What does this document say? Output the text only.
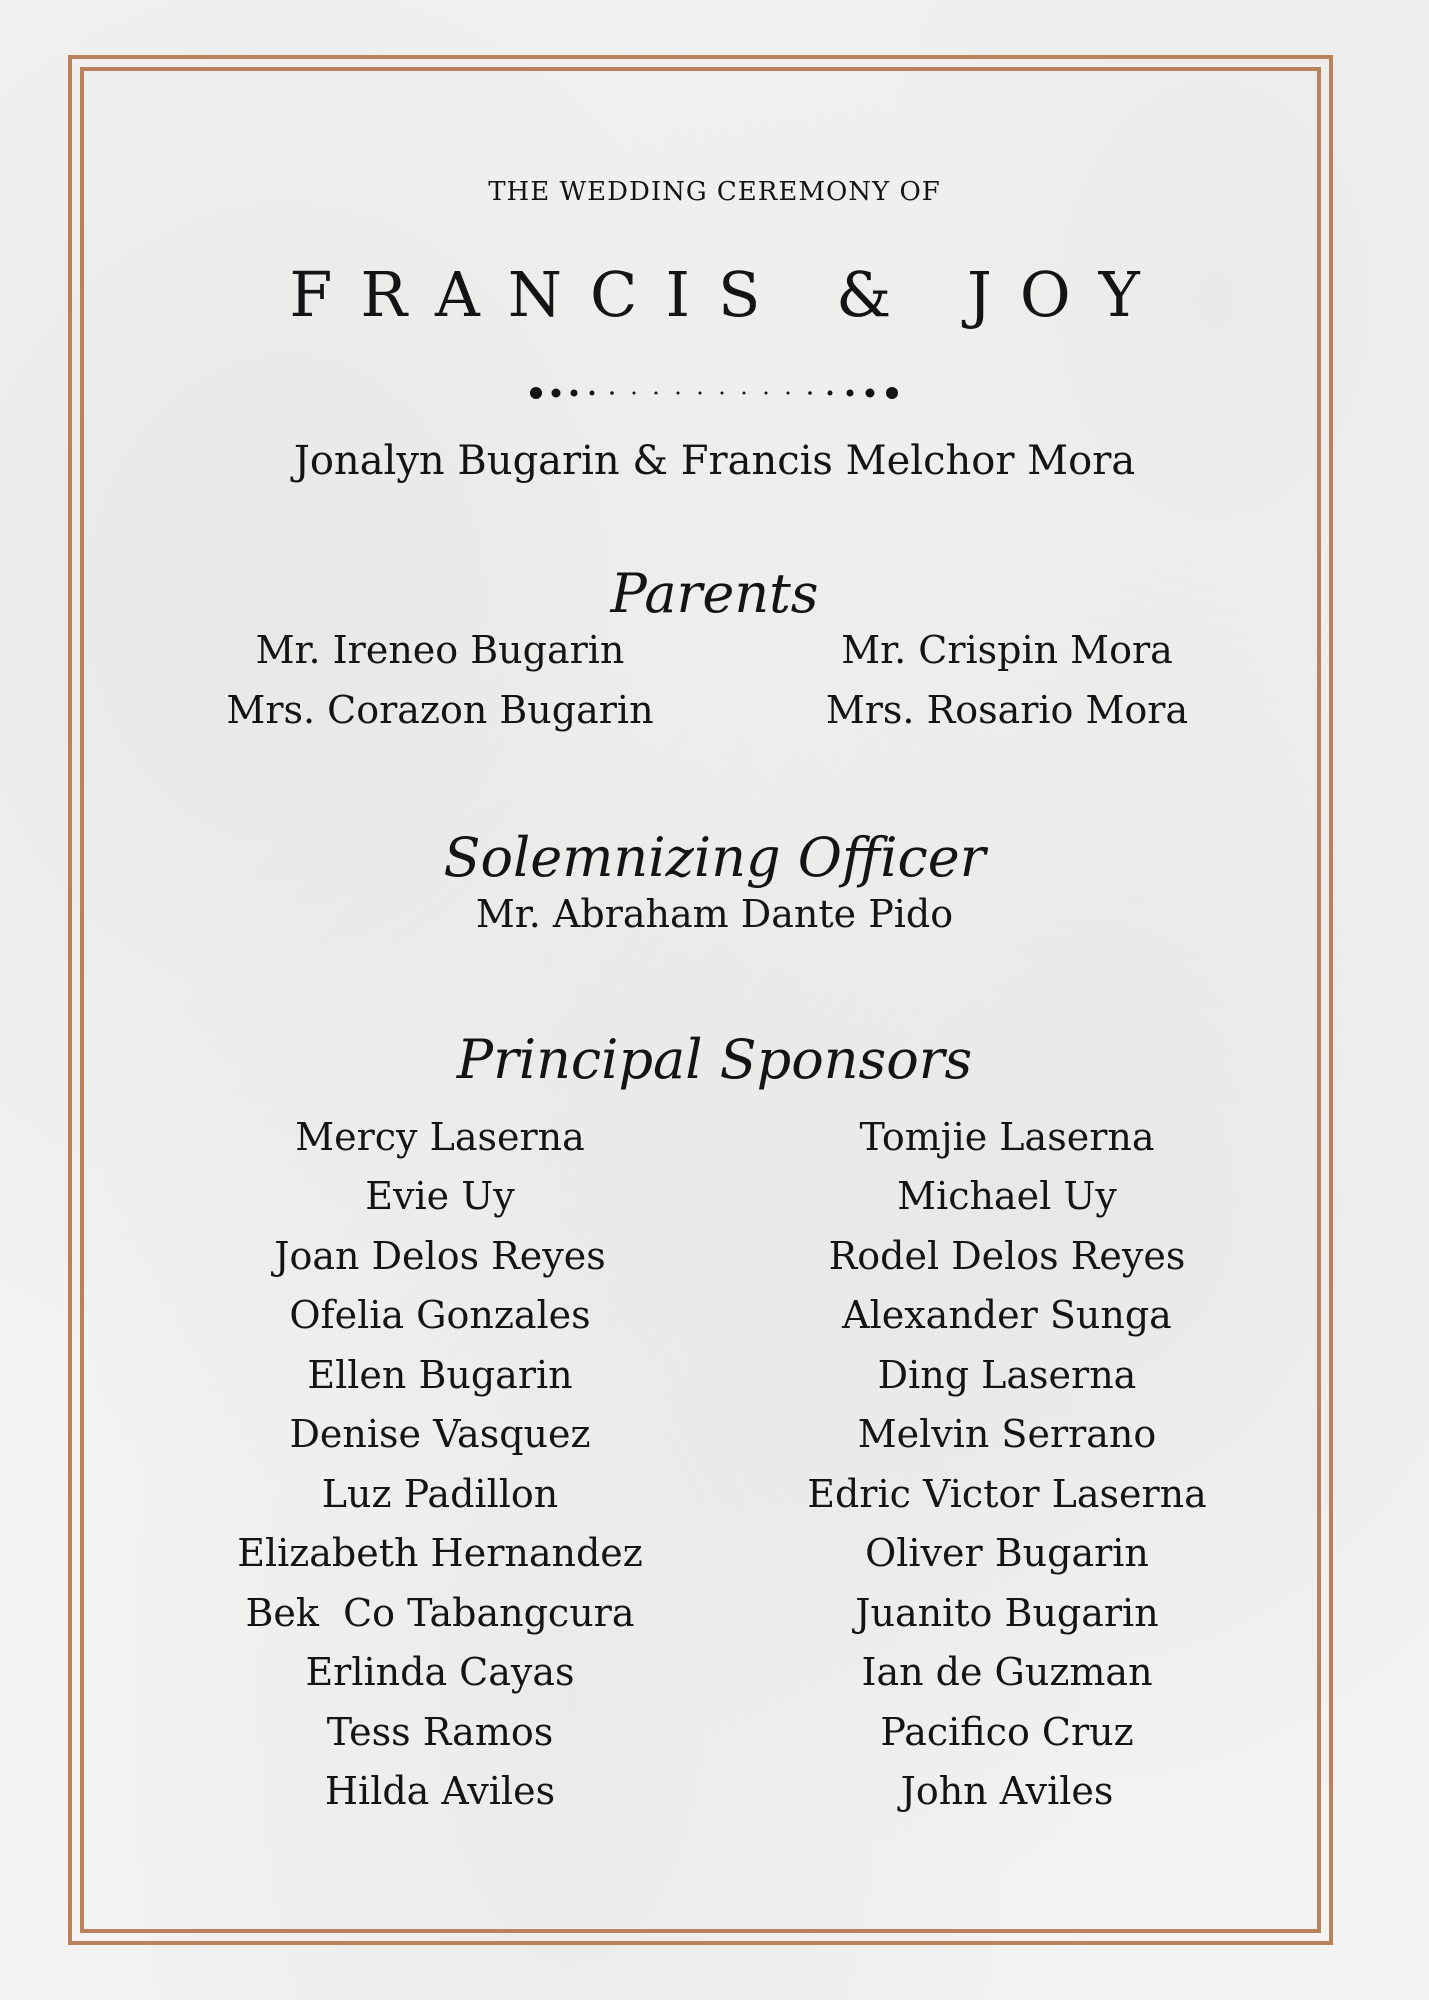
THE WEDDING CEREMONY OF
FRANCIS & JOY
Jonalyn Bugarin & Francis Melchor Mora
Parents
Mr. Ireneo Bugarin
Mrs. Corazon Bugarin
Mr. Crispin Mora
Mrs. Rosario Mora
Solemnizing Officer
Mr. Abraham Dante Pido
Principal Sponsors
Mercy Laserna
Evie Uy
Joan Delos Reyes
Ofelia Gonzales
Ellen Bugarin
Denise Vasquez
Luz Padillon
Elizabeth Hernandez
Bek  Co Tabangcura
Erlinda Cayas
Tess Ramos
Hilda Aviles
Tomjie Laserna
Michael Uy
Rodel Delos Reyes
Alexander Sunga
Ding Laserna
Melvin Serrano
Edric Victor Laserna
Oliver Bugarin
Juanito Bugarin
Ian de Guzman
Pacifico Cruz
John Aviles
